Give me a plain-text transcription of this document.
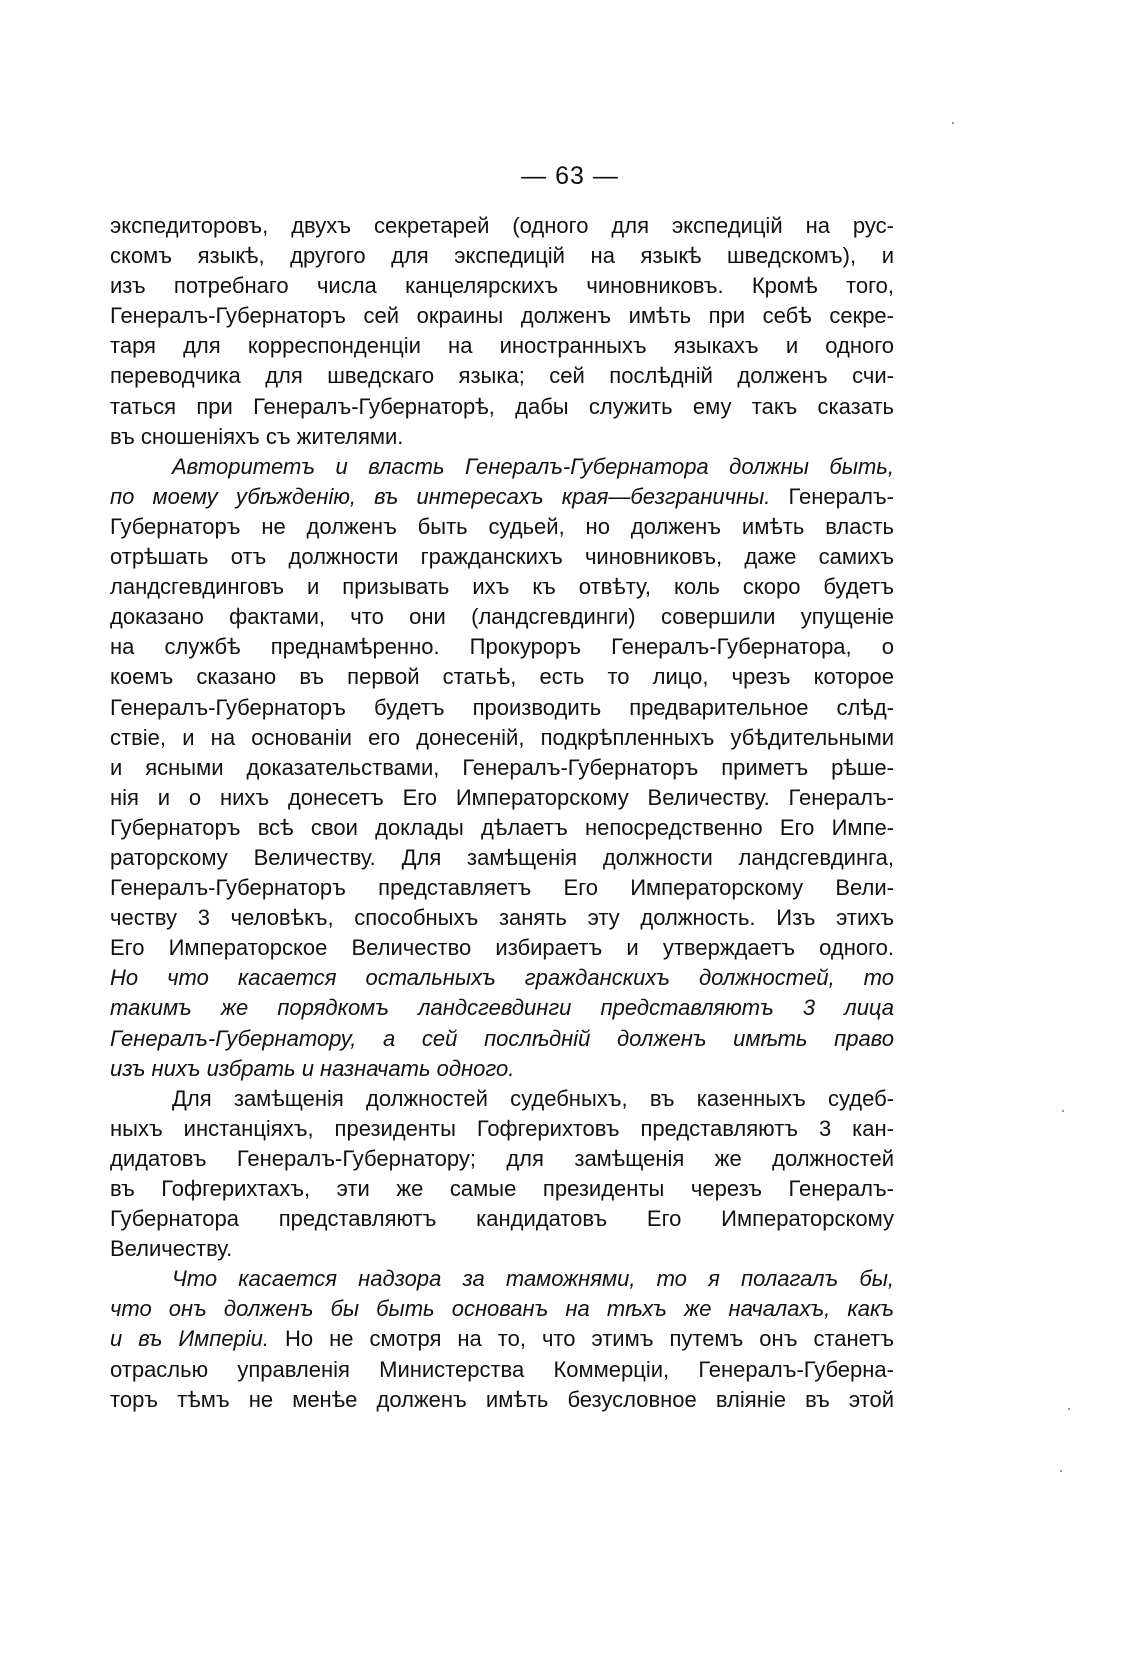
— 63 —
экспедиторовъ, двухъ секретарей (одного для экспедицій на рус-
скомъ языкѣ, другого для экспедицій на языкѣ шведскомъ), и
изъ потребнаго числа канцелярскихъ чиновниковъ. Кромѣ того,
Генералъ-Губернаторъ сей окраины долженъ имѣть при себѣ секре-
таря для корреспонденціи на иностранныхъ языкахъ и одного
переводчика для шведскаго языка; сей послѣдній долженъ счи-
таться при Генералъ-Губернаторѣ, дабы служить ему такъ сказать
въ сношеніяхъ съ жителями.
Авторитетъ и власть Генералъ-Губернатора должны быть,
по моему убѣжденію, въ интересахъ края—безграничны. Генералъ-
Губернаторъ не долженъ быть судьей, но долженъ имѣть власть
отрѣшать отъ должности гражданскихъ чиновниковъ, даже самихъ
ландсгевдинговъ и призывать ихъ къ отвѣту, коль скоро будетъ
доказано фактами, что они (ландсгевдинги) совершили упущеніе
на службѣ преднамѣренно. Прокуроръ Генералъ-Губернатора, о
коемъ сказано въ первой статьѣ, есть то лицо, чрезъ которое
Генералъ-Губернаторъ будетъ производить предварительное слѣд-
ствіе, и на основаніи его донесеній, подкрѣпленныхъ убѣдительными
и ясными доказательствами, Генералъ-Губернаторъ приметъ рѣше-
нія и о нихъ донесетъ Его Императорскому Величеству. Генералъ-
Губернаторъ всѣ свои доклады дѣлаетъ непосредственно Его Импе-
раторскому Величеству. Для замѣщенія должности ландсгевдинга,
Генералъ-Губернаторъ представляетъ Его Императорскому Вели-
честву 3 человѣкъ, способныхъ занять эту должность. Изъ этихъ
Его Императорское Величество избираетъ и утверждаетъ одного.
Но что касается остальныхъ гражданскихъ должностей, то
такимъ же порядкомъ ландсгевдинги представляютъ 3 лица
Генералъ-Губернатору, а сей послѣдній долженъ имѣть право
изъ нихъ избрать и назначать одного.
Для замѣщенія должностей судебныхъ, въ казенныхъ судеб-
ныхъ инстанціяхъ, президенты Гофгерихтовъ представляютъ 3 кан-
дидатовъ Генералъ-Губернатору; для замѣщенія же должностей
въ Гофгерихтахъ, эти же самые президенты черезъ Генералъ-
Губернатора представляютъ кандидатовъ Его Императорскому
Величеству.
Что касается надзора за таможнями, то я полагалъ бы,
что онъ долженъ бы быть основанъ на тѣхъ же началахъ, какъ
и въ Имперіи. Но не смотря на то, что этимъ путемъ онъ станетъ
отраслью управленія Министерства Коммерціи, Генералъ-Губерна-
торъ тѣмъ не менѣе долженъ имѣть безусловное вліяніе въ этой
